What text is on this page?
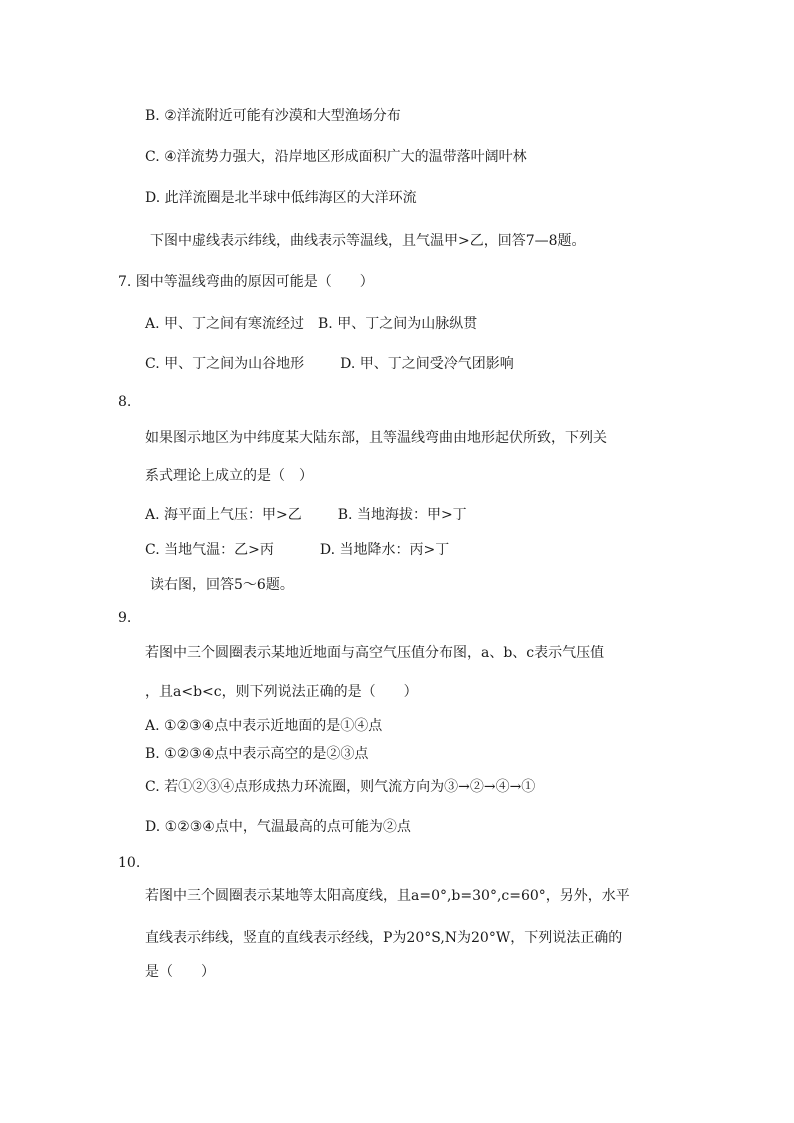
B. ②洋流附近可能有沙漠和大型渔场分布
C. ④洋流势力强大，沿岸地区形成面积广大的温带落叶阔叶林
D. 此洋流圈是北半球中低纬海区的大洋环流
下图中虚线表示纬线，曲线表示等温线，且气温甲>乙，回答7—8题。
7. 图中等温线弯曲的原因可能是（　　）
A. 甲、丁之间有寒流经过 B. 甲、丁之间为山脉纵贯
C. 甲、丁之间为山谷地形	D. 甲、丁之间受冷气团影响
8.
如果图示地区为中纬度某大陆东部，且等温线弯曲由地形起伏所致，下列关
系式理论上成立的是（　）
A. 海平面上气压：甲>乙	B. 当地海拔：甲>丁
C. 当地气温：乙>丙	D. 当地降水：丙>丁
读右图，回答5～6题。
9.
若图中三个圆圈表示某地近地面与高空气压值分布图，a、b、c表示气压值
，且a<b<c，则下列说法正确的是（　　）
A. ①②③④点中表示近地面的是①④点
B. ①②③④点中表示高空的是②③点
C. 若①②③④点形成热力环流圈，则气流方向为③→②→④→①
D. ①②③④点中，气温最高的点可能为②点
10.
若图中三个圆圈表示某地等太阳高度线，且a=0°,b=30°,c=60°，另外，水平
直线表示纬线，竖直的直线表示经线，P为20°S,N为20°W，下列说法正确的
是（　　）
